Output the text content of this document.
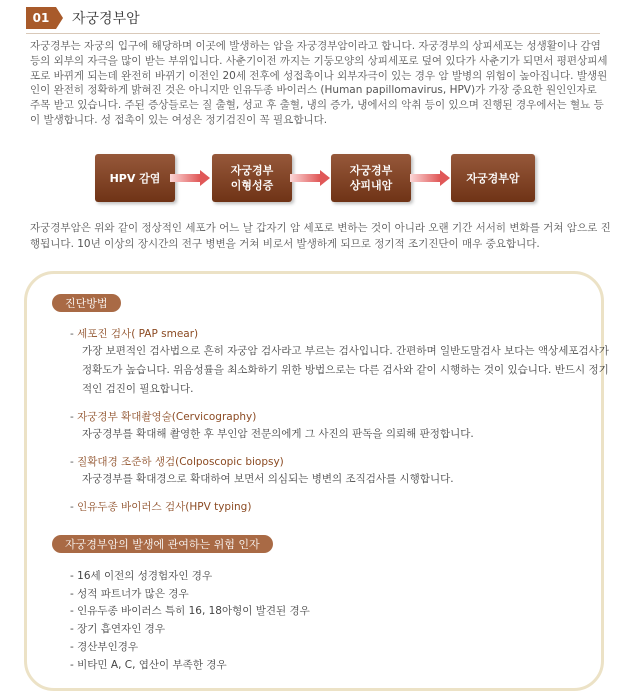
01	자궁경부암

자궁경부는 자궁의 입구에 해당하며 이곳에 발생하는 암을 자궁경부암이라고 합니다. 자궁경부의 상피세포는 성생활이나 감염 등의 외부의 자극을 많이 받는 부위입니다. 사춘기이전 까지는 기둥모양의 상피세포로 덮여 있다가 사춘기가 되면서 평편상피세포로 바뀌게 되는데 완전히 바뀌기 이전인 20세 전후에 성접촉이나 외부자극이 있는 경우 암 발병의 위험이 높아집니다. 발생원인이 완전히 정확하게 밝혀진 것은 아니지만 인유두종 바이러스 (Human papillomavirus, HPV)가 가장 중요한 원인인자로 주목 받고 있습니다. 주된 증상들로는 질 출혈, 성교 후 출혈, 냉의 증가, 냉에서의 악취 등이 있으며 진행된 경우에서는 혈뇨 등이 발생합니다. 성 접촉이 있는 여성은 정기검진이 꼭 필요합니다.

HPV 감염
자궁경부
이형성증
자궁경부
상피내암
자궁경부암

자궁경부암은 위와 같이 정상적인 세포가 어느 날 갑자기 암 세포로 변하는 것이 아니라 오랜 기간 서서히 변화를 거쳐 암으로 진행됩니다. 10년 이상의 장시간의 전구 병변을 거쳐 비로서 발생하게 되므로 정기적 조기진단이 매우 중요합니다.

진단방법
- 세포진 검사( PAP smear)
가장 보편적인 검사법으로 흔히 자궁암 검사라고 부르는 검사입니다. 간편하며 일반도말검사 보다는 액상세포검사가 정확도가 높습니다. 위음성률을 최소화하기 위한 방법으로는 다른 검사와 같이 시행하는 것이 있습니다. 반드시 정기적인 검진이 필요합니다.
- 자궁경부 확대촬영술(Cervicography)
자궁경부를 확대해 촬영한 후 부인암 전문의에게 그 사진의 판독을 의뢰해 판정합니다.
- 질확대경 조준하 생검(Colposcopic biopsy)
자궁경부를 확대경으로 확대하여 보면서 의심되는 병변의 조직검사를 시행합니다.
- 인유두종 바이러스 검사(HPV typing)
자궁경부암의 발생에 관여하는 위험 인자
- 16세 이전의 성경험자인 경우
- 성적 파트너가 많은 경우
- 인유두종 바이러스 특히 16, 18아형이 발견된 경우
- 장기 흡연자인 경우
- 경산부인경우
- 비타민 A, C, 엽산이 부족한 경우
